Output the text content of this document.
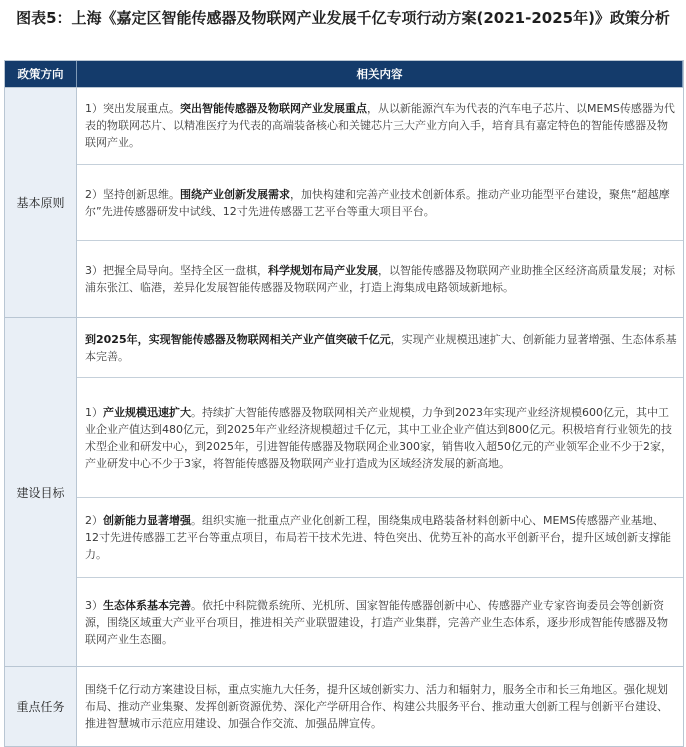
图表5：上海《嘉定区智能传感器及物联网产业发展千亿专项行动方案(2021-2025年)》政策分析
政策方向	相关内容
基本原则
1）突出发展重点。突出智能传感器及物联网产业发展重点，从以新能源汽车为代表的汽车电子芯片、以MEMS传感器为代表的物联网芯片、以精准医疗为代表的高端装备核心和关键芯片三大产业方向入手，培育具有嘉定特色的智能传感器及物联网产业。
2）坚持创新思维。围绕产业创新发展需求，加快构建和完善产业技术创新体系。推动产业功能型平台建设，聚焦“超越摩尔”先进传感器研发中试线、12寸先进传感器工艺平台等重大项目平台。
3）把握全局导向。坚持全区一盘棋，科学规划布局产业发展，以智能传感器及物联网产业助推全区经济高质量发展；对标浦东张江、临港，差异化发展智能传感器及物联网产业，打造上海集成电路领域新地标。
建设目标
到2025年，实现智能传感器及物联网相关产业产值突破千亿元，实现产业规模迅速扩大、创新能力显著增强、生态体系基本完善。
1）产业规模迅速扩大。持续扩大智能传感器及物联网相关产业规模，力争到2023年实现产业经济规模600亿元，其中工业企业产值达到480亿元，到2025年产业经济规模超过千亿元，其中工业企业产值达到800亿元。积极培育行业领先的技术型企业和研发中心，到2025年，引进智能传感器及物联网企业300家，销售收入超50亿元的产业领军企业不少于2家，产业研发中心不少于3家，将智能传感器及物联网产业打造成为区域经济发展的新高地。
2）创新能力显著增强。组织实施一批重点产业化创新工程，围绕集成电路装备材料创新中心、MEMS传感器产业基地、12寸先进传感器工艺平台等重点项目，布局若干技术先进、特色突出、优势互补的高水平创新平台，提升区域创新支撑能力。
3）生态体系基本完善。依托中科院微系统所、光机所、国家智能传感器创新中心、传感器产业专家咨询委员会等创新资源，围绕区域重大产业平台项目，推进相关产业联盟建设，打造产业集群，完善产业生态体系，逐步形成智能传感器及物联网产业生态圈。
重点任务
围绕千亿行动方案建设目标，重点实施九大任务，提升区域创新实力、活力和辐射力，服务全市和长三角地区。强化规划布局、推动产业集聚、发挥创新资源优势、深化产学研用合作、构建公共服务平台、推动重大创新工程与创新平台建设、推进智慧城市示范应用建设、加强合作交流、加强品牌宣传。
